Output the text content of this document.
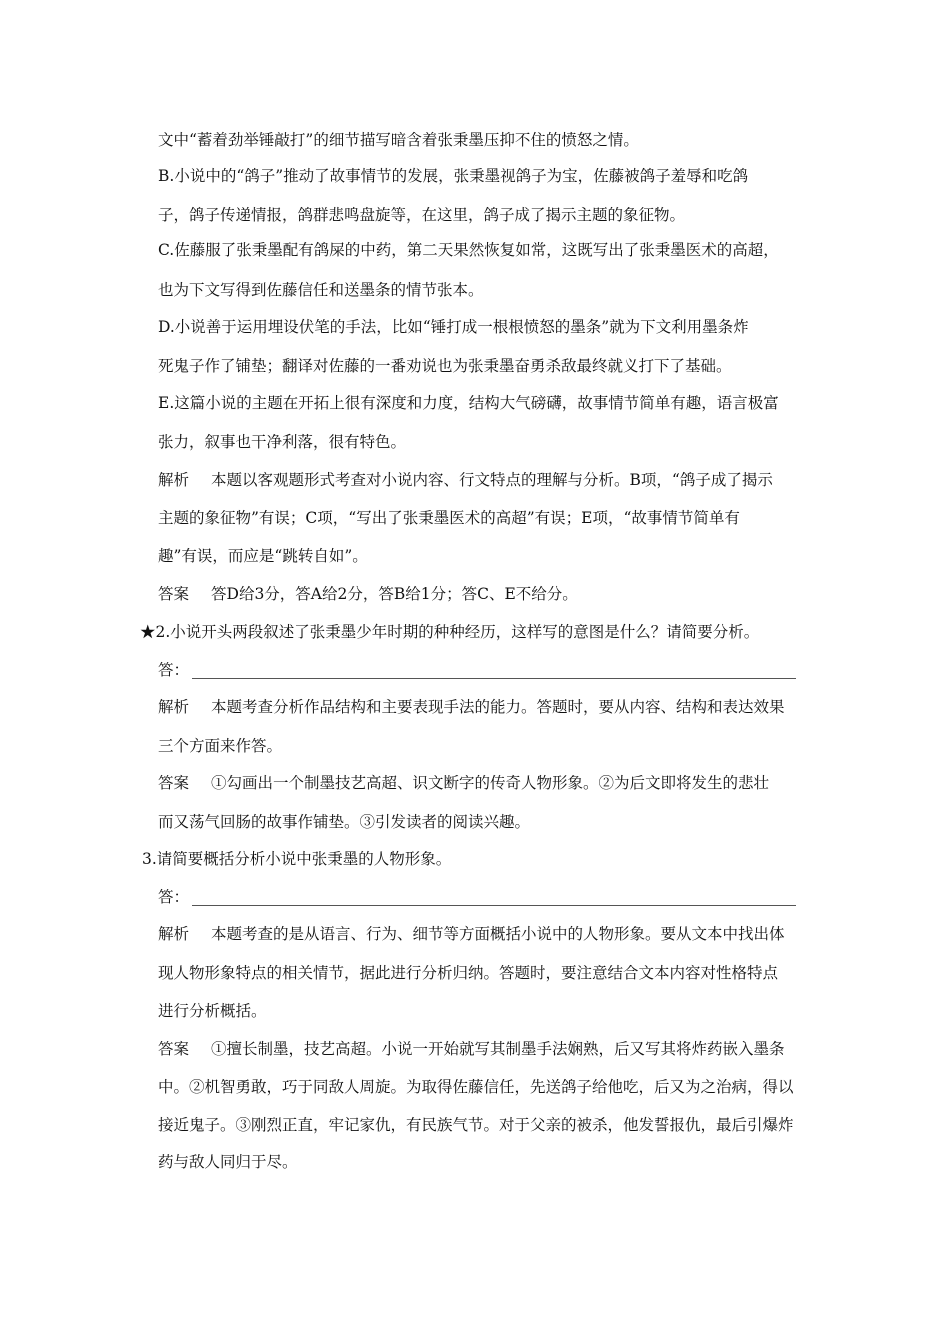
文中“蓄着劲举锤敲打”的细节描写暗含着张秉墨压抑不住的愤怒之情。
B.小说中的“鸽子”推动了故事情节的发展，张秉墨视鸽子为宝，佐藤被鸽子羞辱和吃鸽
子，鸽子传递情报，鸽群悲鸣盘旋等，在这里，鸽子成了揭示主题的象征物。
C.佐藤服了张秉墨配有鸽屎的中药，第二天果然恢复如常，这既写出了张秉墨医术的高超，
也为下文写得到佐藤信任和送墨条的情节张本。
D.小说善于运用埋设伏笔的手法，比如“锤打成一根根愤怒的墨条”就为下文利用墨条炸
死鬼子作了铺垫；翻译对佐藤的一番劝说也为张秉墨奋勇杀敌最终就义打下了基础。
E.这篇小说的主题在开拓上很有深度和力度，结构大气磅礴，故事情节简单有趣，语言极富
张力，叙事也干净利落，很有特色。
解析 本题以客观题形式考查对小说内容、行文特点的理解与分析。B项，“鸽子成了揭示
主题的象征物”有误；C项，“写出了张秉墨医术的高超”有误；E项，“故事情节简单有
趣”有误，而应是“跳转自如”。
答案 答D给3分，答A给2分，答B给1分；答C、E不给分。
★2.小说开头两段叙述了张秉墨少年时期的种种经历，这样写的意图是什么？请简要分析。
答：
解析 本题考查分析作品结构和主要表现手法的能力。答题时，要从内容、结构和表达效果
三个方面来作答。
答案 ①勾画出一个制墨技艺高超、识文断字的传奇人物形象。②为后文即将发生的悲壮
而又荡气回肠的故事作铺垫。③引发读者的阅读兴趣。
3.请简要概括分析小说中张秉墨的人物形象。
答：
解析 本题考查的是从语言、行为、细节等方面概括小说中的人物形象。要从文本中找出体
现人物形象特点的相关情节，据此进行分析归纳。答题时，要注意结合文本内容对性格特点
进行分析概括。
答案 ①擅长制墨，技艺高超。小说一开始就写其制墨手法娴熟，后又写其将炸药嵌入墨条
中。②机智勇敢，巧于同敌人周旋。为取得佐藤信任，先送鸽子给他吃，后又为之治病，得以
接近鬼子。③刚烈正直，牢记家仇，有民族气节。对于父亲的被杀，他发誓报仇，最后引爆炸
药与敌人同归于尽。
